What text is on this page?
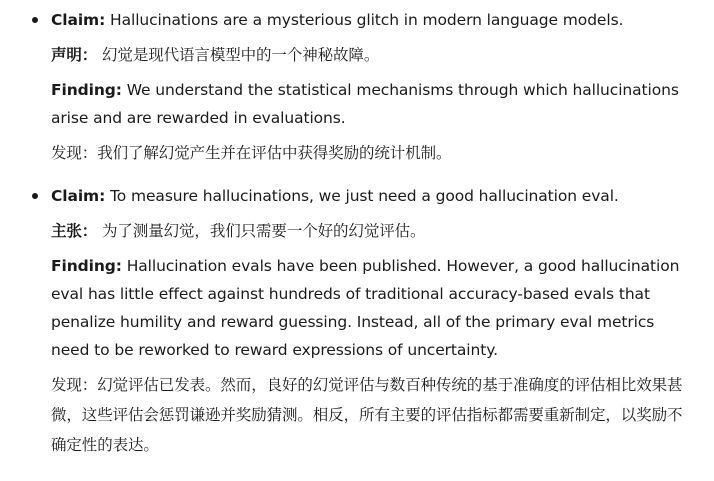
Claim: Hallucinations are a mysterious glitch in modern language models.

声明： 幻觉是现代语言模型中的一个神秘故障。

Finding: We understand the statistical mechanisms through which hallucinations arise and are rewarded in evaluations.

发现：我们了解幻觉产生并在评估中获得奖励的统计机制。

Claim: To measure hallucinations, we just need a good hallucination eval.

主张： 为了测量幻觉，我们只需要一个好的幻觉评估。

Finding: Hallucination evals have been published. However, a good hallucination eval has little effect against hundreds of traditional accuracy-based evals that penalize humility and reward guessing. Instead, all of the primary eval metrics need to be reworked to reward expressions of uncertainty.

发现：幻觉评估已发表。然而，良好的幻觉评估与数百种传统的基于准确度的评估相比效果甚微，这些评估会惩罚谦逊并奖励猜测。相反，所有主要的评估指标都需要重新制定，以奖励不确定性的表达。
